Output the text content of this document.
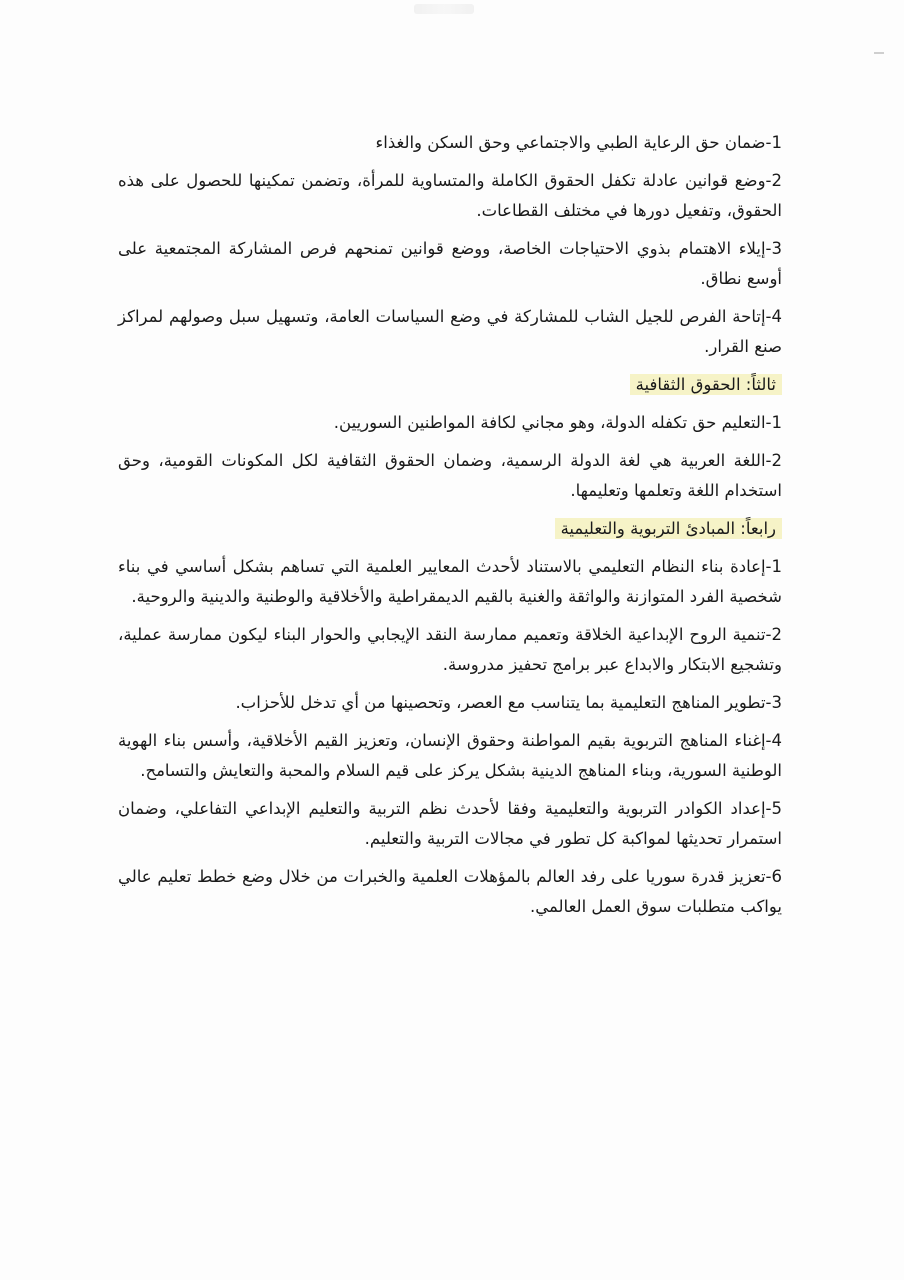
1-ضمان حق الرعاية الطبي والاجتماعي وحق السكن والغذاء

2-وضع قوانين عادلة تكفل الحقوق الكاملة والمتساوية للمرأة، وتضمن تمكينها للحصول على هذه الحقوق، وتفعيل دورها في مختلف القطاعات.

3-إيلاء الاهتمام بذوي الاحتياجات الخاصة، ووضع قوانين تمنحهم فرص المشاركة المجتمعية على أوسع نطاق.

4-إتاحة الفرص للجيل الشاب للمشاركة في وضع السياسات العامة، وتسهيل سبل وصولهم لمراكز صنع القرار.

ثالثاً: الحقوق الثقافية

1-التعليم حق تكفله الدولة، وهو مجاني لكافة المواطنين السوريين.

2-اللغة العربية هي لغة الدولة الرسمية، وضمان الحقوق الثقافية لكل المكونات القومية، وحق استخدام اللغة وتعلمها وتعليمها.

رابعاً: المبادئ التربوية والتعليمية

1-إعادة بناء النظام التعليمي بالاستناد لأحدث المعايير العلمية التي تساهم بشكل أساسي في بناء شخصية الفرد المتوازنة والواثقة والغنية بالقيم الديمقراطية والأخلاقية والوطنية والدينية والروحية.

2-تنمية الروح الإبداعية الخلاقة وتعميم ممارسة النقد الإيجابي والحوار البناء ليكون ممارسة عملية، وتشجيع الابتكار والابداع عبر برامج تحفيز مدروسة.

3-تطوير المناهج التعليمية بما يتناسب مع العصر، وتحصينها من أي تدخل للأحزاب.

4-إغناء المناهج التربوية بقيم المواطنة وحقوق الإنسان، وتعزيز القيم الأخلاقية، وأسس بناء الهوية الوطنية السورية، وبناء المناهج الدينية بشكل يركز على قيم السلام والمحبة والتعايش والتسامح.

5-إعداد الكوادر التربوية والتعليمية وفقا لأحدث نظم التربية والتعليم الإبداعي التفاعلي، وضمان استمرار تحديثها لمواكبة كل تطور في مجالات التربية والتعليم.

6-تعزيز قدرة سوريا على رفد العالم بالمؤهلات العلمية والخبرات من خلال وضع خطط تعليم عالي يواكب متطلبات سوق العمل العالمي.
